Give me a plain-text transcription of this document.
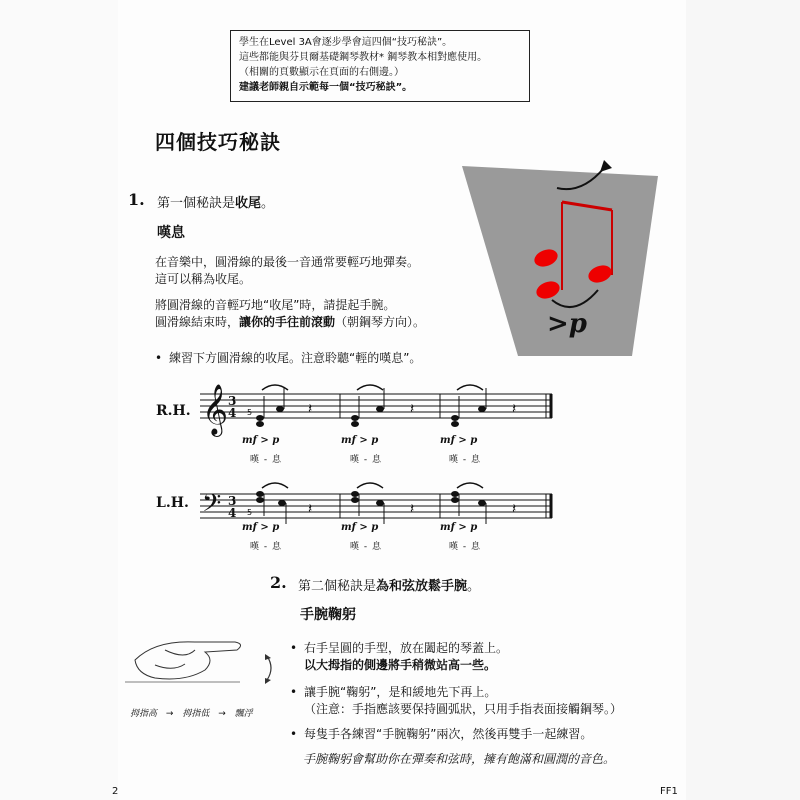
學生在Level 3A會逐步學會這四個“技巧秘訣”。
這些都能與芬貝爾基礎鋼琴教材* 鋼琴教本相對應使用。
（相關的頁數顯示在頁面的右側邊。）
建議老師親自示範每一個“技巧秘訣”。
四個技巧秘訣
1. 第一個秘訣是收尾。
嘆息
在音樂中，圓滑線的最後一音通常要輕巧地彈奏。
這可以稱為收尾。
將圓滑線的音輕巧地“收尾”時，請提起手腕。
圓滑線結束時，讓你的手往前滾動（朝鋼琴方向）。
• 練習下方圓滑線的收尾。注意聆聽“輕的嘆息”。
>p
𝄞 3
4 5	𝄽	𝄽	𝄽
𝄢 3
4 5	𝄽	𝄽	𝄽
R.H.
L.H.
mf > p	mf > p	mf > p
嘆 - 息	嘆 - 息	嘆 - 息
mf > p	mf > p	mf > p
嘆 - 息	嘆 - 息	嘆 - 息
2. 第二個秘訣是為和弦放鬆手腕。
手腕鞠躬
• 右手呈圓的手型，放在闔起的琴蓋上。
以大拇指的側邊將手稍微站高一些。
• 讓手腕“鞠躬”，是和緩地先下再上。
（注意：手指應該要保持圓弧狀，只用手指表面接觸鋼琴。）
• 每隻手各練習“手腕鞠躬”兩次，然後再雙手一起練習。
手腕鞠躬會幫助你在彈奏和弦時，擁有飽滿和圓潤的音色。
拇指高 → 拇指低 → 飄浮
2	FF1
